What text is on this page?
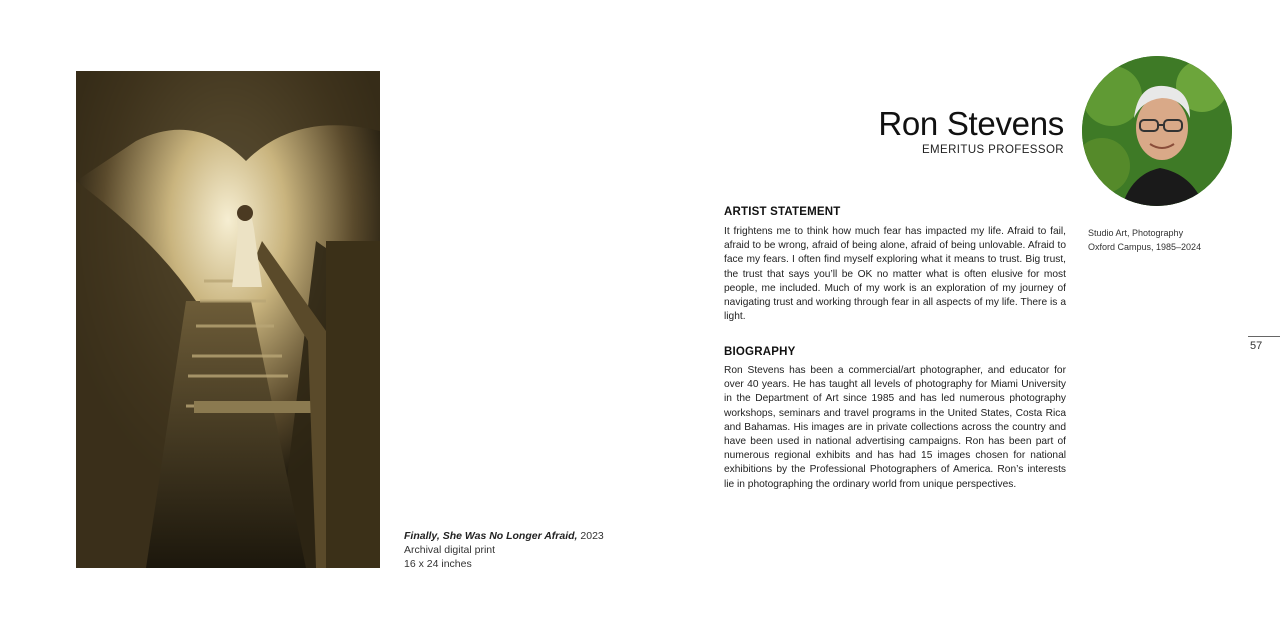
Finally, She Was No Longer Afraid, 2023
Archival digital print
16 x 24 inches
Ron Stevens
EMERITUS PROFESSOR
ARTIST STATEMENT
It frightens me to think how much fear has impacted my life. Afraid to fail, afraid to be wrong, afraid of being alone, afraid of being unlovable. Afraid to face my fears. I often find myself exploring what it means to trust. Big trust, the trust that says you’ll be OK no matter what is often elusive for most people, me included. Much of my work is an exploration of my journey of navigating trust and working through fear in all aspects of my life. There is a light.
Studio Art, Photography
Oxford Campus, 1985–2024
BIOGRAPHY
Ron Stevens has been a commercial/art photographer, and educator for over 40 years. He has taught all levels of photography for Miami University in the Department of Art since 1985 and has led numerous photography workshops, seminars and travel programs in the United States, Costa Rica and Bahamas. His images are in private collections across the country and have been used in national advertising campaigns. Ron has been part of numerous regional exhibits and has had 15 images chosen for national exhibitions by the Professional Photographers of America. Ron’s interests lie in photographing the ordinary world from unique perspectives.
57
